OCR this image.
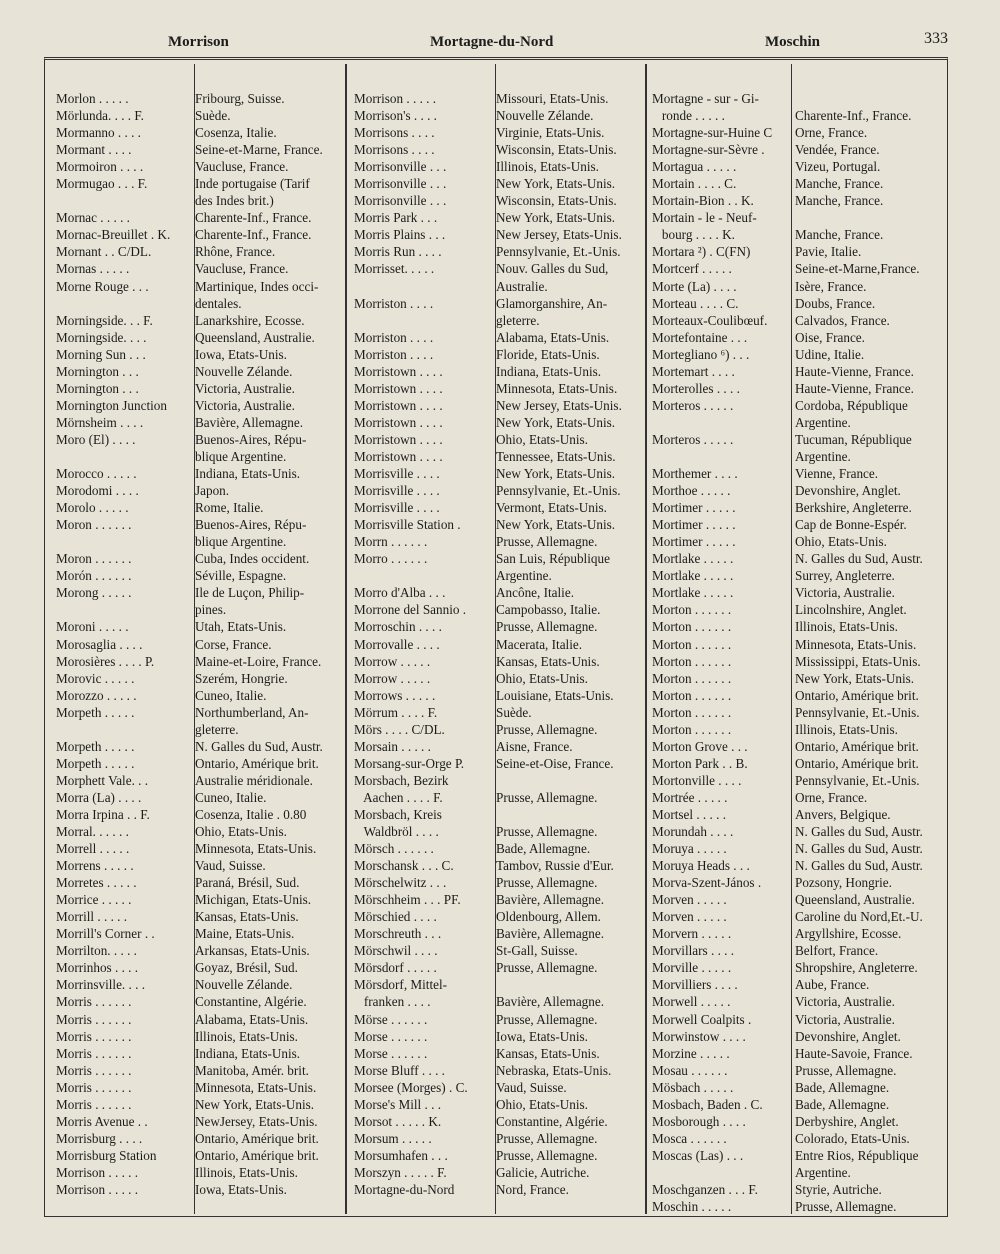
Morrison	Mortagne-du-Nord	Moschin	333
Morlon . . . . .	Fribourg, Suisse.
Mörlunda. . . . F.	Suède.
Mormanno . . . .	Cosenza, Italie.
Mormant . . . .	Seine-et-Marne, France.
Mormoiron . . . .	Vaucluse, France.
Mormugao . . . F.	Inde portugaise (Tarif
des Indes brit.)
Mornac . . . . .	Charente-Inf., France.
Mornac-Breuillet . K.	Charente-Inf., France.
Mornant . . C/DL.	Rhône, France.
Mornas . . . . .	Vaucluse, France.
Morne Rouge . . .	Martinique, Indes occi-
dentales.
Morningside. . . F.	Lanarkshire, Ecosse.
Morningside. . . .	Queensland, Australie.
Morning Sun . . .	Iowa, Etats-Unis.
Mornington . . .	Nouvelle Zélande.
Mornington . . .	Victoria, Australie.
Mornington Junction	Victoria, Australie.
Mörnsheim . . . .	Bavière, Allemagne.
Moro (El) . . . .	Buenos-Aires, Répu-
blique Argentine.
Morocco . . . . .	Indiana, Etats-Unis.
Morodomi . . . .	Japon.
Morolo . . . . .	Rome, Italie.
Moron . . . . . .	Buenos-Aires, Répu-
blique Argentine.
Moron . . . . . .	Cuba, Indes occident.
Morón . . . . . .	Séville, Espagne.
Morong . . . . .	Ile de Luçon, Philip-
pines.
Moroni . . . . .	Utah, Etats-Unis.
Morosaglia . . . .	Corse, France.
Morosières . . . . P.	Maine-et-Loire, France.
Morovic . . . . .	Szerém, Hongrie.
Morozzo . . . . .	Cuneo, Italie.
Morpeth . . . . .	Northumberland, An-
gleterre.
Morpeth . . . . .	N. Galles du Sud, Austr.
Morpeth . . . . .	Ontario, Amérique brit.
Morphett Vale. . .	Australie méridionale.
Morra (La) . . . .	Cuneo, Italie.
Morra Irpina . . F.	Cosenza, Italie . 0.80
Morral. . . . . .	Ohio, Etats-Unis.
Morrell . . . . .	Minnesota, Etats-Unis.
Morrens . . . . .	Vaud, Suisse.
Morretes . . . . .	Paraná, Brésil, Sud.
Morrice . . . . .	Michigan, Etats-Unis.
Morrill . . . . .	Kansas, Etats-Unis.
Morrill's Corner . .	Maine, Etats-Unis.
Morrilton. . . . .	Arkansas, Etats-Unis.
Morrinhos . . . .	Goyaz, Brésil, Sud.
Morrinsville. . . .	Nouvelle Zélande.
Morris . . . . . .	Constantine, Algérie.
Morris . . . . . .	Alabama, Etats-Unis.
Morris . . . . . .	Illinois, Etats-Unis.
Morris . . . . . .	Indiana, Etats-Unis.
Morris . . . . . .	Manitoba, Amér. brit.
Morris . . . . . .	Minnesota, Etats-Unis.
Morris . . . . . .	New York, Etats-Unis.
Morris Avenue . .	NewJersey, Etats-Unis.
Morrisburg . . . .	Ontario, Amérique brit.
Morrisburg Station	Ontario, Amérique brit.
Morrison . . . . .	Illinois, Etats-Unis.
Morrison . . . . .	Iowa, Etats-Unis.
Morrison . . . . .	Missouri, Etats-Unis.
Morrison's . . . .	Nouvelle Zélande.
Morrisons . . . .	Virginie, Etats-Unis.
Morrisons . . . .	Wisconsin, Etats-Unis.
Morrisonville . . .	Illinois, Etats-Unis.
Morrisonville . . .	New York, Etats-Unis.
Morrisonville . . .	Wisconsin, Etats-Unis.
Morris Park . . .	New York, Etats-Unis.
Morris Plains . . .	New Jersey, Etats-Unis.
Morris Run . . . .	Pennsylvanie, Et.-Unis.
Morrisset. . . . .	Nouv. Galles du Sud,
Australie.
Morriston . . . .	Glamorganshire, An-
gleterre.
Morriston . . . .	Alabama, Etats-Unis.
Morriston . . . .	Floride, Etats-Unis.
Morristown . . . .	Indiana, Etats-Unis.
Morristown . . . .	Minnesota, Etats-Unis.
Morristown . . . .	New Jersey, Etats-Unis.
Morristown . . . .	New York, Etats-Unis.
Morristown . . . .	Ohio, Etats-Unis.
Morristown . . . .	Tennessee, Etats-Unis.
Morrisville . . . .	New York, Etats-Unis.
Morrisville . . . .	Pennsylvanie, Et.-Unis.
Morrisville . . . .	Vermont, Etats-Unis.
Morrisville Station .	New York, Etats-Unis.
Morrn . . . . . .	Prusse, Allemagne.
Morro . . . . . .	San Luis, République
Argentine.
Morro d'Alba . . .	Ancône, Italie.
Morrone del Sannio .	Campobasso, Italie.
Morroschin . . . .	Prusse, Allemagne.
Morrovalle . . . .	Macerata, Italie.
Morrow . . . . .	Kansas, Etats-Unis.
Morrow . . . . .	Ohio, Etats-Unis.
Morrows . . . . .	Louisiane, Etats-Unis.
Mörrum . . . . F.	Suède.
Mörs . . . . C/DL.	Prusse, Allemagne.
Morsain . . . . .	Aisne, France.
Morsang-sur-Orge P.	Seine-et-Oise, France.
Morsbach, Bezirk
Aachen . . . . F.	Prusse, Allemagne.
Morsbach, Kreis
Waldbröl . . . .	Prusse, Allemagne.
Mörsch . . . . . .	Bade, Allemagne.
Morschansk . . . C.	Tambov, Russie d'Eur.
Mörschelwitz . . .	Prusse, Allemagne.
Mörschheim . . . PF.	Bavière, Allemagne.
Mörschied . . . .	Oldenbourg, Allem.
Morschreuth . . .	Bavière, Allemagne.
Mörschwil . . . .	St-Gall, Suisse.
Mörsdorf . . . . .	Prusse, Allemagne.
Mörsdorf, Mittel-
franken . . . .	Bavière, Allemagne.
Mörse . . . . . .	Prusse, Allemagne.
Morse . . . . . .	Iowa, Etats-Unis.
Morse . . . . . .	Kansas, Etats-Unis.
Morse Bluff . . . .	Nebraska, Etats-Unis.
Morsee (Morges) . C.	Vaud, Suisse.
Morse's Mill . . .	Ohio, Etats-Unis.
Morsot . . . . . K.	Constantine, Algérie.
Morsum . . . . .	Prusse, Allemagne.
Morsumhafen . . .	Prusse, Allemagne.
Morszyn . . . . . F.	Galicie, Autriche.
Mortagne-du-Nord	Nord, France.
Mortagne - sur - Gi-
ronde . . . . .	Charente-Inf., France.
Mortagne-sur-Huine C	Orne, France.
Mortagne-sur-Sèvre .	Vendée, France.
Mortagua . . . . .	Vizeu, Portugal.
Mortain . . . . C.	Manche, France.
Mortain-Bion . . K.	Manche, France.
Mortain - le - Neuf-
bourg . . . . K.	Manche, France.
Mortara ²) . C(FN)	Pavie, Italie.
Mortcerf . . . . .	Seine-et-Marne,France.
Morte (La) . . . .	Isère, France.
Morteau . . . . C.	Doubs, France.
Morteaux-Coulibœuf.	Calvados, France.
Mortefontaine . . .	Oise, France.
Mortegliano ⁶) . . .	Udine, Italie.
Mortemart . . . .	Haute-Vienne, France.
Morterolles . . . .	Haute-Vienne, France.
Morteros . . . . .	Cordoba, République
Argentine.
Morteros . . . . .	Tucuman, République
Argentine.
Morthemer . . . .	Vienne, France.
Morthoe . . . . .	Devonshire, Anglet.
Mortimer . . . . .	Berkshire, Angleterre.
Mortimer . . . . .	Cap de Bonne-Espér.
Mortimer . . . . .	Ohio, Etats-Unis.
Mortlake . . . . .	N. Galles du Sud, Austr.
Mortlake . . . . .	Surrey, Angleterre.
Mortlake . . . . .	Victoria, Australie.
Morton . . . . . .	Lincolnshire, Anglet.
Morton . . . . . .	Illinois, Etats-Unis.
Morton . . . . . .	Minnesota, Etats-Unis.
Morton . . . . . .	Mississippi, Etats-Unis.
Morton . . . . . .	New York, Etats-Unis.
Morton . . . . . .	Ontario, Amérique brit.
Morton . . . . . .	Pennsylvanie, Et.-Unis.
Morton . . . . . .	Illinois, Etats-Unis.
Morton Grove . . .	Ontario, Amérique brit.
Morton Park . . B.	Ontario, Amérique brit.
Mortonville . . . .	Pennsylvanie, Et.-Unis.
Mortrée . . . . .	Orne, France.
Mortsel . . . . .	Anvers, Belgique.
Morundah . . . .	N. Galles du Sud, Austr.
Moruya . . . . .	N. Galles du Sud, Austr.
Moruya Heads . . .	N. Galles du Sud, Austr.
Morva-Szent-János .	Pozsony, Hongrie.
Morven . . . . .	Queensland, Australie.
Morven . . . . .	Caroline du Nord,Et.-U.
Morvern . . . . .	Argyllshire, Ecosse.
Morvillars . . . .	Belfort, France.
Morville . . . . .	Shropshire, Angleterre.
Morvilliers . . . .	Aube, France.
Morwell . . . . .	Victoria, Australie.
Morwell Coalpits .	Victoria, Australie.
Morwinstow . . . .	Devonshire, Anglet.
Morzine . . . . .	Haute-Savoie, France.
Mosau . . . . . .	Prusse, Allemagne.
Mösbach . . . . .	Bade, Allemagne.
Mosbach, Baden . C.	Bade, Allemagne.
Mosborough . . . .	Derbyshire, Anglet.
Mosca . . . . . .	Colorado, Etats-Unis.
Moscas (Las) . . .	Entre Rios, République
Argentine.
Moschganzen . . . F.	Styrie, Autriche.
Moschin . . . . .	Prusse, Allemagne.
